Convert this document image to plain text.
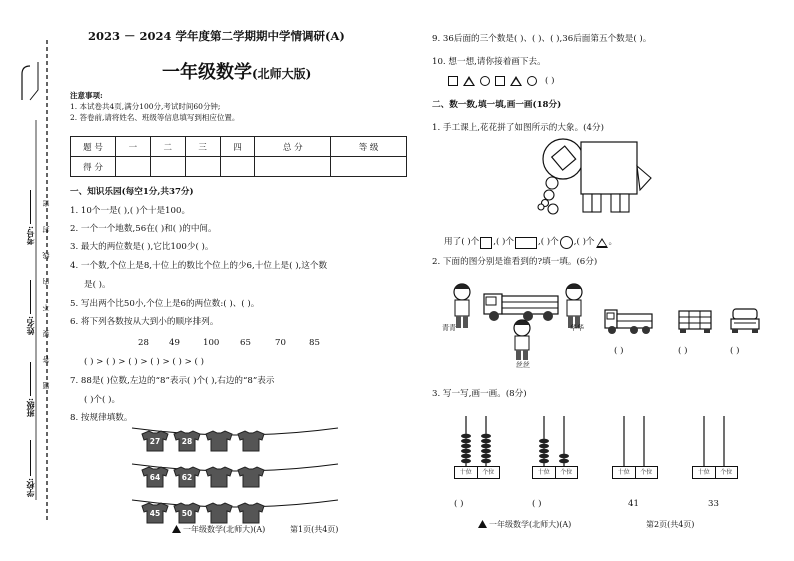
学校:
班级:
姓名:
考号:
密
封
线
内
不
要
答
题
2023 － 2024 学年度第二学期期中学情调研(A)
一年级数学(北师大版)
注意事项:
1. 本试卷共4页,满分100分,考试时间60分钟;
2. 答卷前,请将姓名、班级等信息填写到相应位置。
题 号	一	二	三	四	总 分	等 级
得 分						
一、知识乐园(每空1分,共37分)
1. 10个一是( ),( )个十是100。
2. 一个一个地数,56在( )和( )的中间。
3. 最大的两位数是( ),它比100少( )。
4. 一个数,个位上是8,十位上的数比个位上的少6,十位上是( ),这个数
是( )。
5. 写出两个比50小,个位上是6的两位数:( )、( )。
6. 将下列各数按从大到小的顺序排列。
28 49	100 65	70	85
( ) > ( ) > ( ) > ( ) > ( ) > ( )
7. 88是( )位数,左边的“8”表示( )个( ),右边的“8”表示
( )个( )。
8. 按规律填数。
27	28
64	62
45	50
一年级数学(北师大)(A)	第1页(共4页)
9. 36后面的三个数是( )、( )、( ),36后面第五个数是( )。
10. 想一想,请你接着画下去。
( )
二、数一数,填一填,画一画(18分)
1. 手工课上,花花拼了如图所示的大象。(4分)
用了( )个 ,( )个	,( )个 ,( )个 。
2. 下面的图分别是谁看到的?填一填。(6分)
青青	华华
丝丝
( )	( )	( )
3. 写一写,画一画。(8分)
十位	个位	十位	个位	十位	个位	十位	个位
( )	( )	41	33
一年级数学(北师大)(A)	第2页(共4页)
